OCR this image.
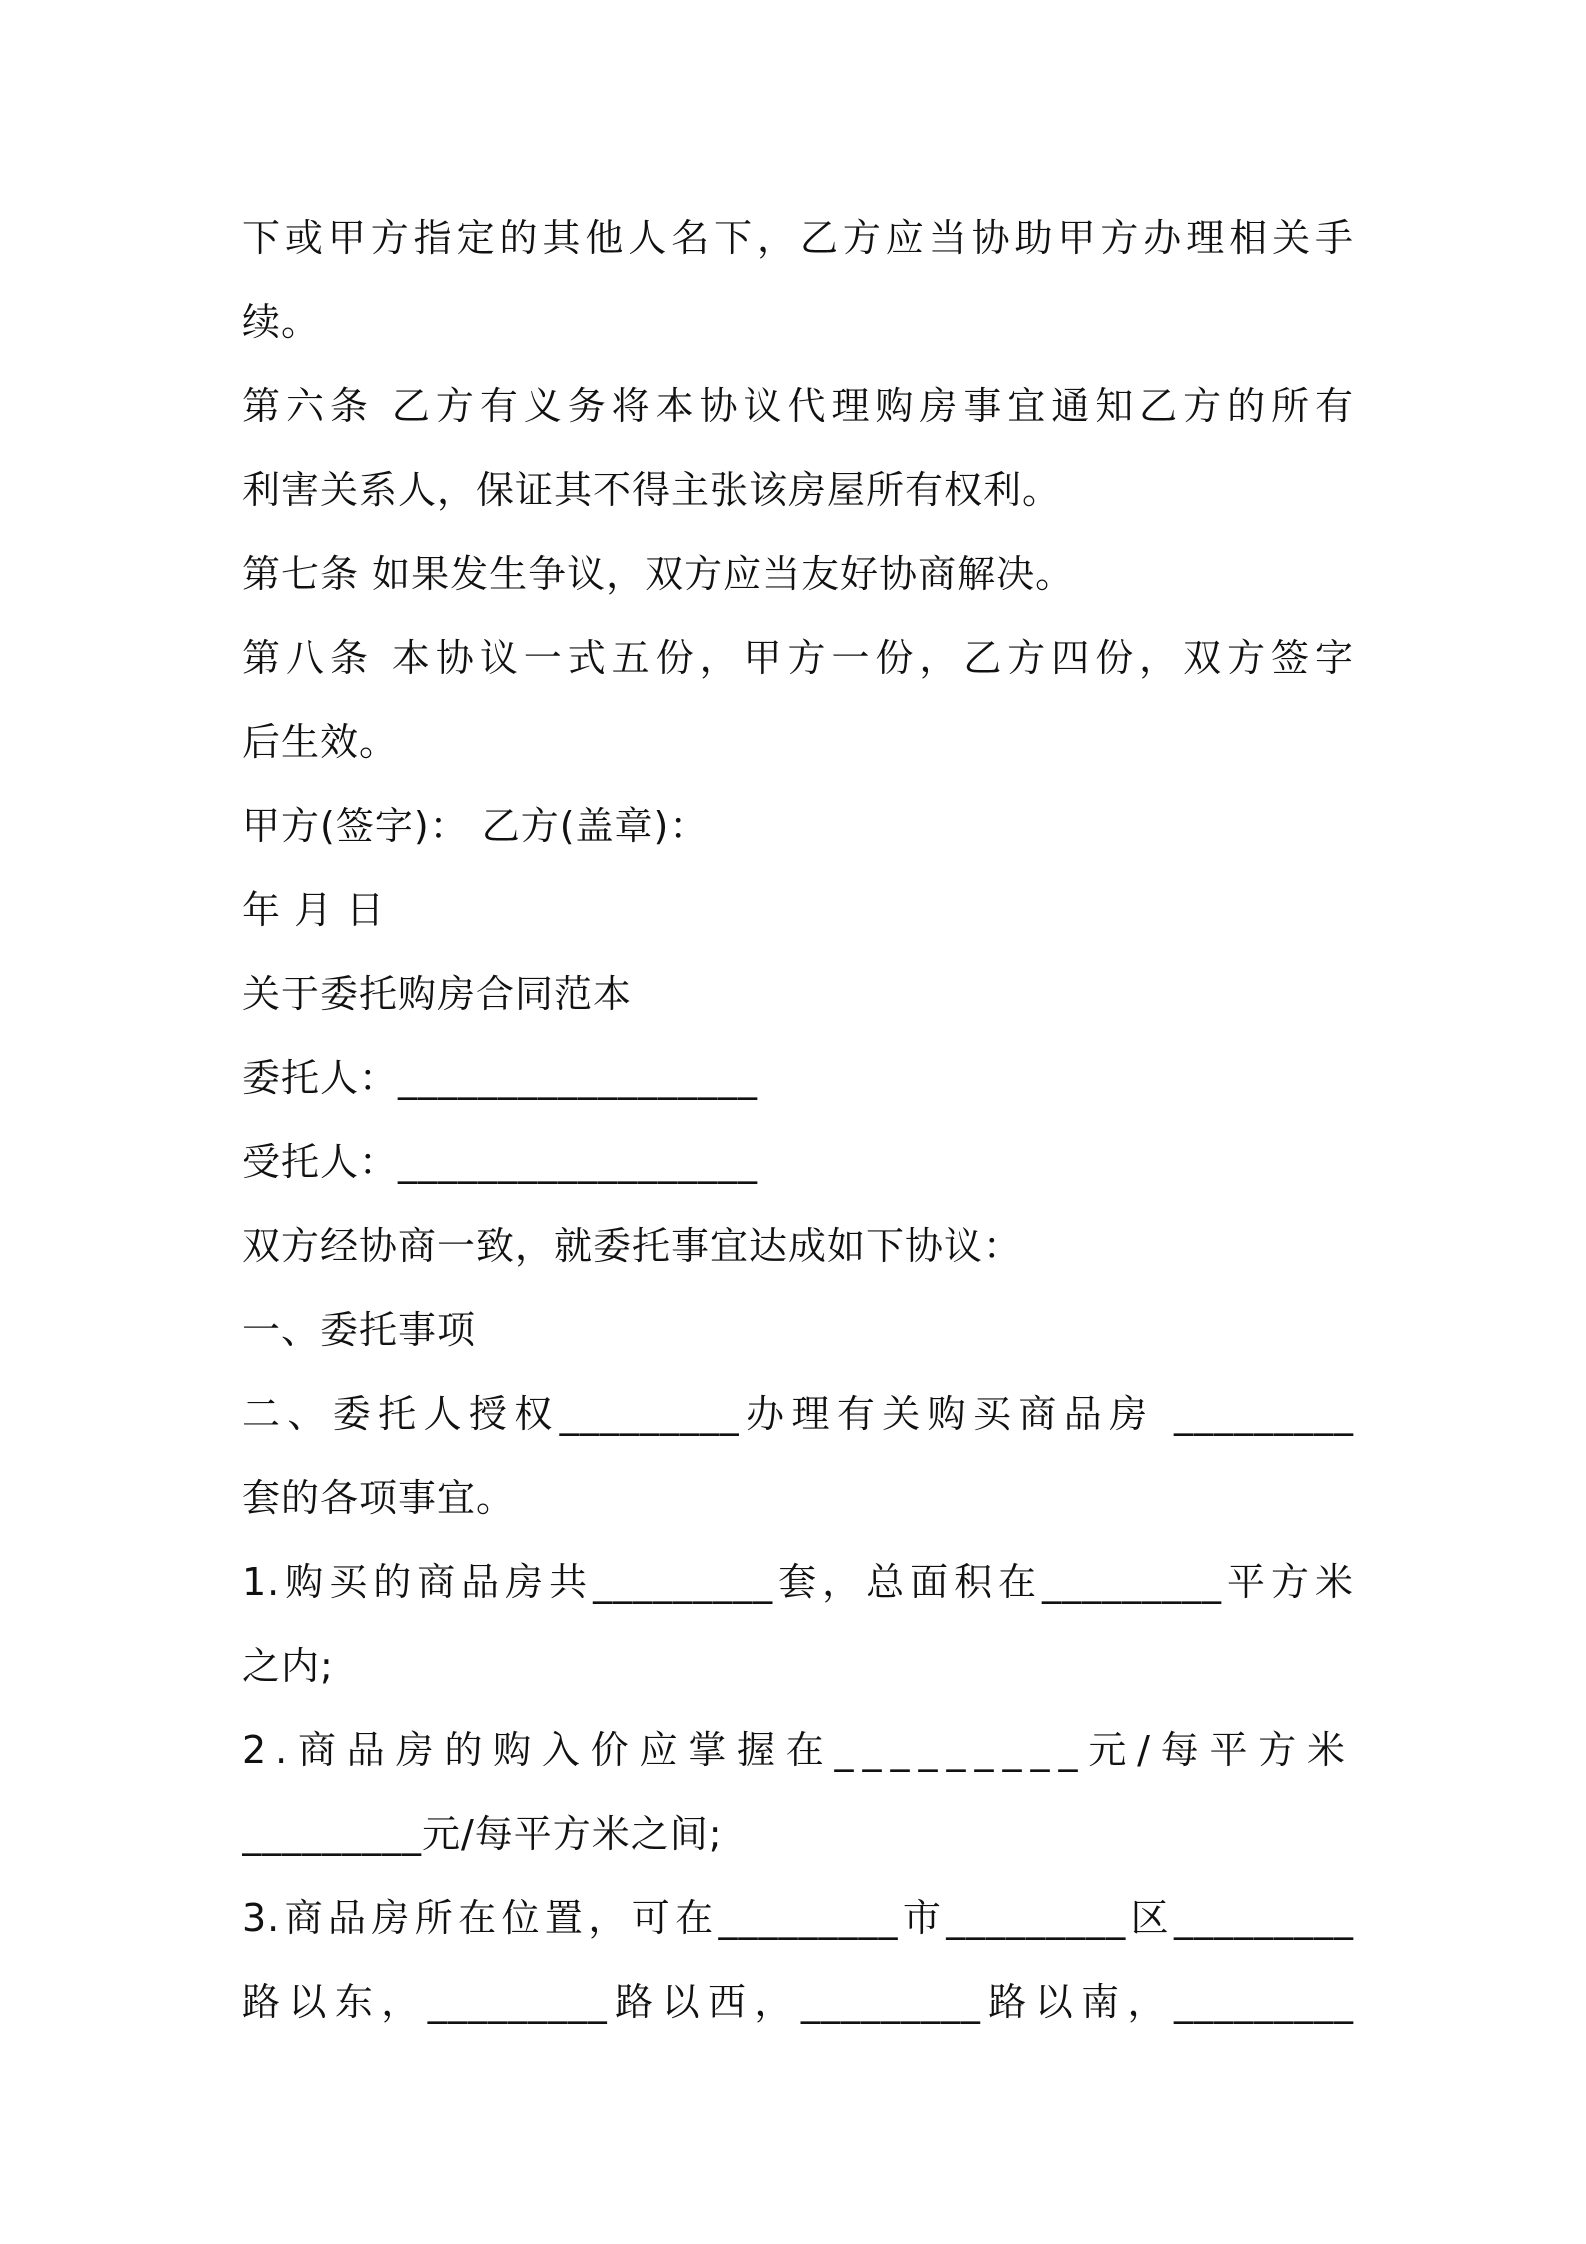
下或甲方指定的其他人名下，乙方应当协助甲方办理相关手
续。
第六条 乙方有义务将本协议代理购房事宜通知乙方的所有
利害关系人，保证其不得主张该房屋所有权利。
第七条 如果发生争议，双方应当友好协商解决。
第八条 本协议一式五份，甲方一份，乙方四份，双方签字
后生效。
甲方(签字)： 乙方(盖章)：
年 月 日
关于委托购房合同范本
委托人：__________________
受托人：__________________
双方经协商一致，就委托事宜达成如下协议：
一、委托事项
二、委托人授权_________办理有关购买商品房 _________
套的各项事宜。
1.购买的商品房共_________套，总面积在_________平方米
之内;
2.商品房的购入价应掌握在_________元/每平方米
_________元/每平方米之间;
3.商品房所在位置，可在_________市_________区_________
路以东，_________路以西，_________路以南，_________
